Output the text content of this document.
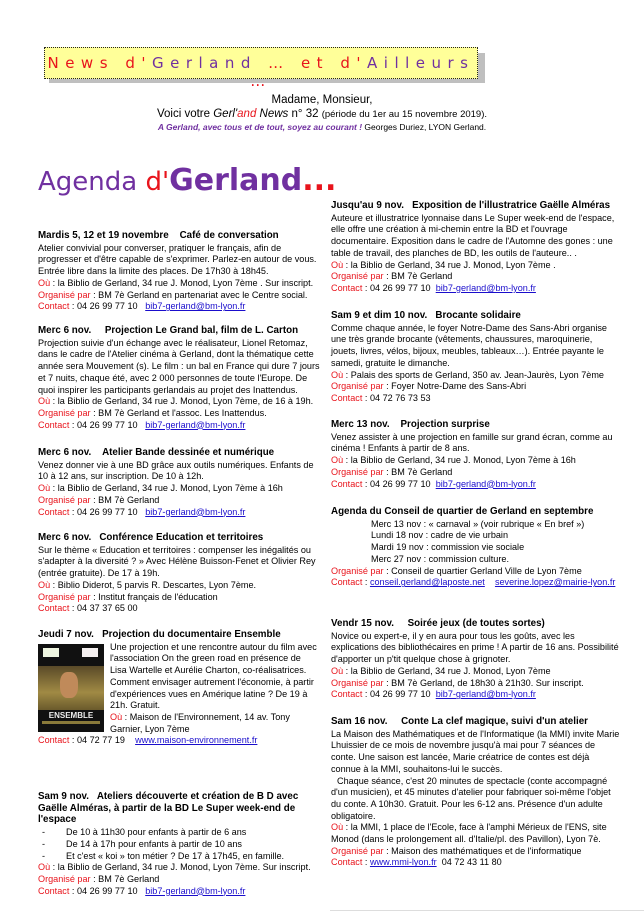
News d'Gerland … et d'Ailleurs …
Madame, Monsieur,
Voici votre Gerl'and News n° 32 (période du 1er au 15 novembre 2019).
A Gerland, avec tous et de tout, soyez au courant ! Georges Duriez, LYON Gerland.
Agenda d'Gerland...
Mardis 5, 12 et 19 novembre Café de conversation
Atelier convivial pour converser, pratiquer le français, afin de progresser et d'être capable de s'exprimer. Parlez-en autour de vous. Entrée libre dans la limite des places. De 17h30 à 18h45.
Où : la Biblio de Gerland, 34 rue J. Monod, Lyon 7ème . Sur inscript.
Organisé par : BM 7è Gerland en partenariat avec le Centre social.
Contact : 04 26 99 77 10 bib7-gerland@bm-lyon.fr
Merc 6 nov. Projection Le Grand bal, film de L. Carton
Projection suivie d'un échange avec le réalisateur, Lionel Retomaz, dans le cadre de l'Atelier cinéma à Gerland, dont la thématique cette année sera Mouvement (s). Le film : un bal en France qui dure 7 jours et 7 nuits, chaque été, avec 2 000 personnes de toute l'Europe. De quoi inspirer les participants gerlandais au projet des Inattendus.
Où : la Biblio de Gerland, 34 rue J. Monod, Lyon 7ème, de 16 à 19h.
Organisé par : BM 7è Gerland et l'assoc. Les Inattendus.
Contact : 04 26 99 77 10 bib7-gerland@bm-lyon.fr
Merc 6 nov. Atelier Bande dessinée et numérique
Venez donner vie à une BD grâce aux outils numériques. Enfants de 10 à 12 ans, sur inscription. De 10 à 12h.
Où : la Biblio de Gerland, 34 rue J. Monod, Lyon 7ème à 16h
Organisé par : BM 7è Gerland
Contact : 04 26 99 77 10 bib7-gerland@bm-lyon.fr
Merc 6 nov. Conférence Education et territoires
Sur le thème « Education et territoires : compenser les inégalités ou s'adapter à la diversité ? » Avec Hélène Buisson-Fenet et Olivier Rey (entrée gratuite). De 17 à 19h.
Où : Biblio Diderot, 5 parvis R. Descartes, Lyon 7ème.
Organisé par : Institut français de l'éducation
Contact : 04 37 37 65 00
Jeudi 7 nov. Projection du documentaire Ensemble
ENSEMBLE
Une projection et une rencontre autour du film avec l'association On the green road en présence de Lisa Wartelle et Aurélie Charton, co-réalisatrices. Comment envisager autrement l'économie, à partir d'expériences vues en Amérique latine ? De 19 à 21h. Gratuit.
Où : Maison de l'Environnement, 14 av. Tony Garnier, Lyon 7ème
Contact : 04 72 77 19 www.maison-environnement.fr
Sam 9 nov. Ateliers découverte et création de B D avec Gaëlle Alméras, à partir de la BD Le Super week-end de l'espace
-	De 10 à 11h30 pour enfants à partir de 6 ans
-	De 14 à 17h pour enfants à partir de 10 ans
-	Et c'est « koi » ton métier ? De 17 à 17h45, en famille.
Où : la Biblio de Gerland, 34 rue J. Monod, Lyon 7ème. Sur inscript.
Organisé par : BM 7è Gerland
Contact : 04 26 99 77 10 bib7-gerland@bm-lyon.fr
Jusqu'au 9 nov. Exposition de l'illustratrice Gaëlle Alméras
Auteure et illustratrice lyonnaise dans Le Super week-end de l'espace, elle offre une création à mi-chemin entre la BD et l'ouvrage documentaire. Exposition dans le cadre de l'Automne des gones : une table de travail, des planches de BD, les outils de l'auteure.. .
Où : la Biblio de Gerland, 34 rue J. Monod, Lyon 7ème .
Organisé par : BM 7è Gerland
Contact : 04 26 99 77 10 bib7-gerland@bm-lyon.fr
Sam 9 et dim 10 nov. Brocante solidaire
Comme chaque année, le foyer Notre-Dame des Sans-Abri organise une très grande brocante (vêtements, chaussures, maroquinerie, jouets, livres, vélos, bijoux, meubles, tableaux…). Entrée payante le samedi, gratuite le dimanche.
Où : Palais des sports de Gerland, 350 av. Jean-Jaurès, Lyon 7ème
Organisé par : Foyer Notre-Dame des Sans-Abri
Contact : 04 72 76 73 53
Merc 13 nov. Projection surprise
Venez assister à une projection en famille sur grand écran, comme au cinéma ! Enfants à partir de 8 ans.
Où : la Biblio de Gerland, 34 rue J. Monod, Lyon 7ème à 16h
Organisé par : BM 7è Gerland
Contact : 04 26 99 77 10 bib7-gerland@bm-lyon.fr
Agenda du Conseil de quartier de Gerland en septembre
Merc 13 nov : « carnaval » (voir rubrique « En bref »)
Lundi 18 nov : cadre de vie urbain
Mardi 19 nov : commission vie sociale
Merc 27 nov : commission culture.
Organisé par : Conseil de quartier Gerland Ville de Lyon 7ème
Contact : conseil.gerland@laposte.net severine.lopez@mairie-lyon.fr
Vendr 15 nov. Soirée jeux (de toutes sortes)
Novice ou expert-e, il y en aura pour tous les goûts, avec les explications des bibliothécaires en prime ! A partir de 16 ans. Possibilité d'apporter un p'tit quelque chose à grignoter.
Où : la Biblio de Gerland, 34 rue J. Monod, Lyon 7ème
Organisé par : BM 7è Gerland, de 18h30 à 21h30. Sur inscript.
Contact : 04 26 99 77 10 bib7-gerland@bm-lyon.fr
Sam 16 nov. Conte La clef magique, suivi d'un atelier
La Maison des Mathématiques et de l'Informatique (la MMI) invite Marie Lhuissier de ce mois de novembre jusqu'à mai pour 7 séances de conte. Une saison est lancée, Marie créatrice de contes est déjà connue à la MMI, souhaitons-lui le succès.
Chaque séance, c'est 20 minutes de spectacle (conte accompagné d'un musicien), et 45 minutes d'atelier pour fabriquer soi-même l'objet du conte. A 10h30. Gratuit. Pour les 6-12 ans. Présence d'un adulte obligatoire.
Où : la MMI, 1 place de l'Ecole, face à l'amphi Mérieux de l'ENS, site Monod (dans le prolongement all. d'Italie/pl. des Pavillon), Lyon 7è.
Organisé par : Maison des mathématiques et de l'informatique
Contact : www.mmi-lyon.fr 04 72 43 11 80
